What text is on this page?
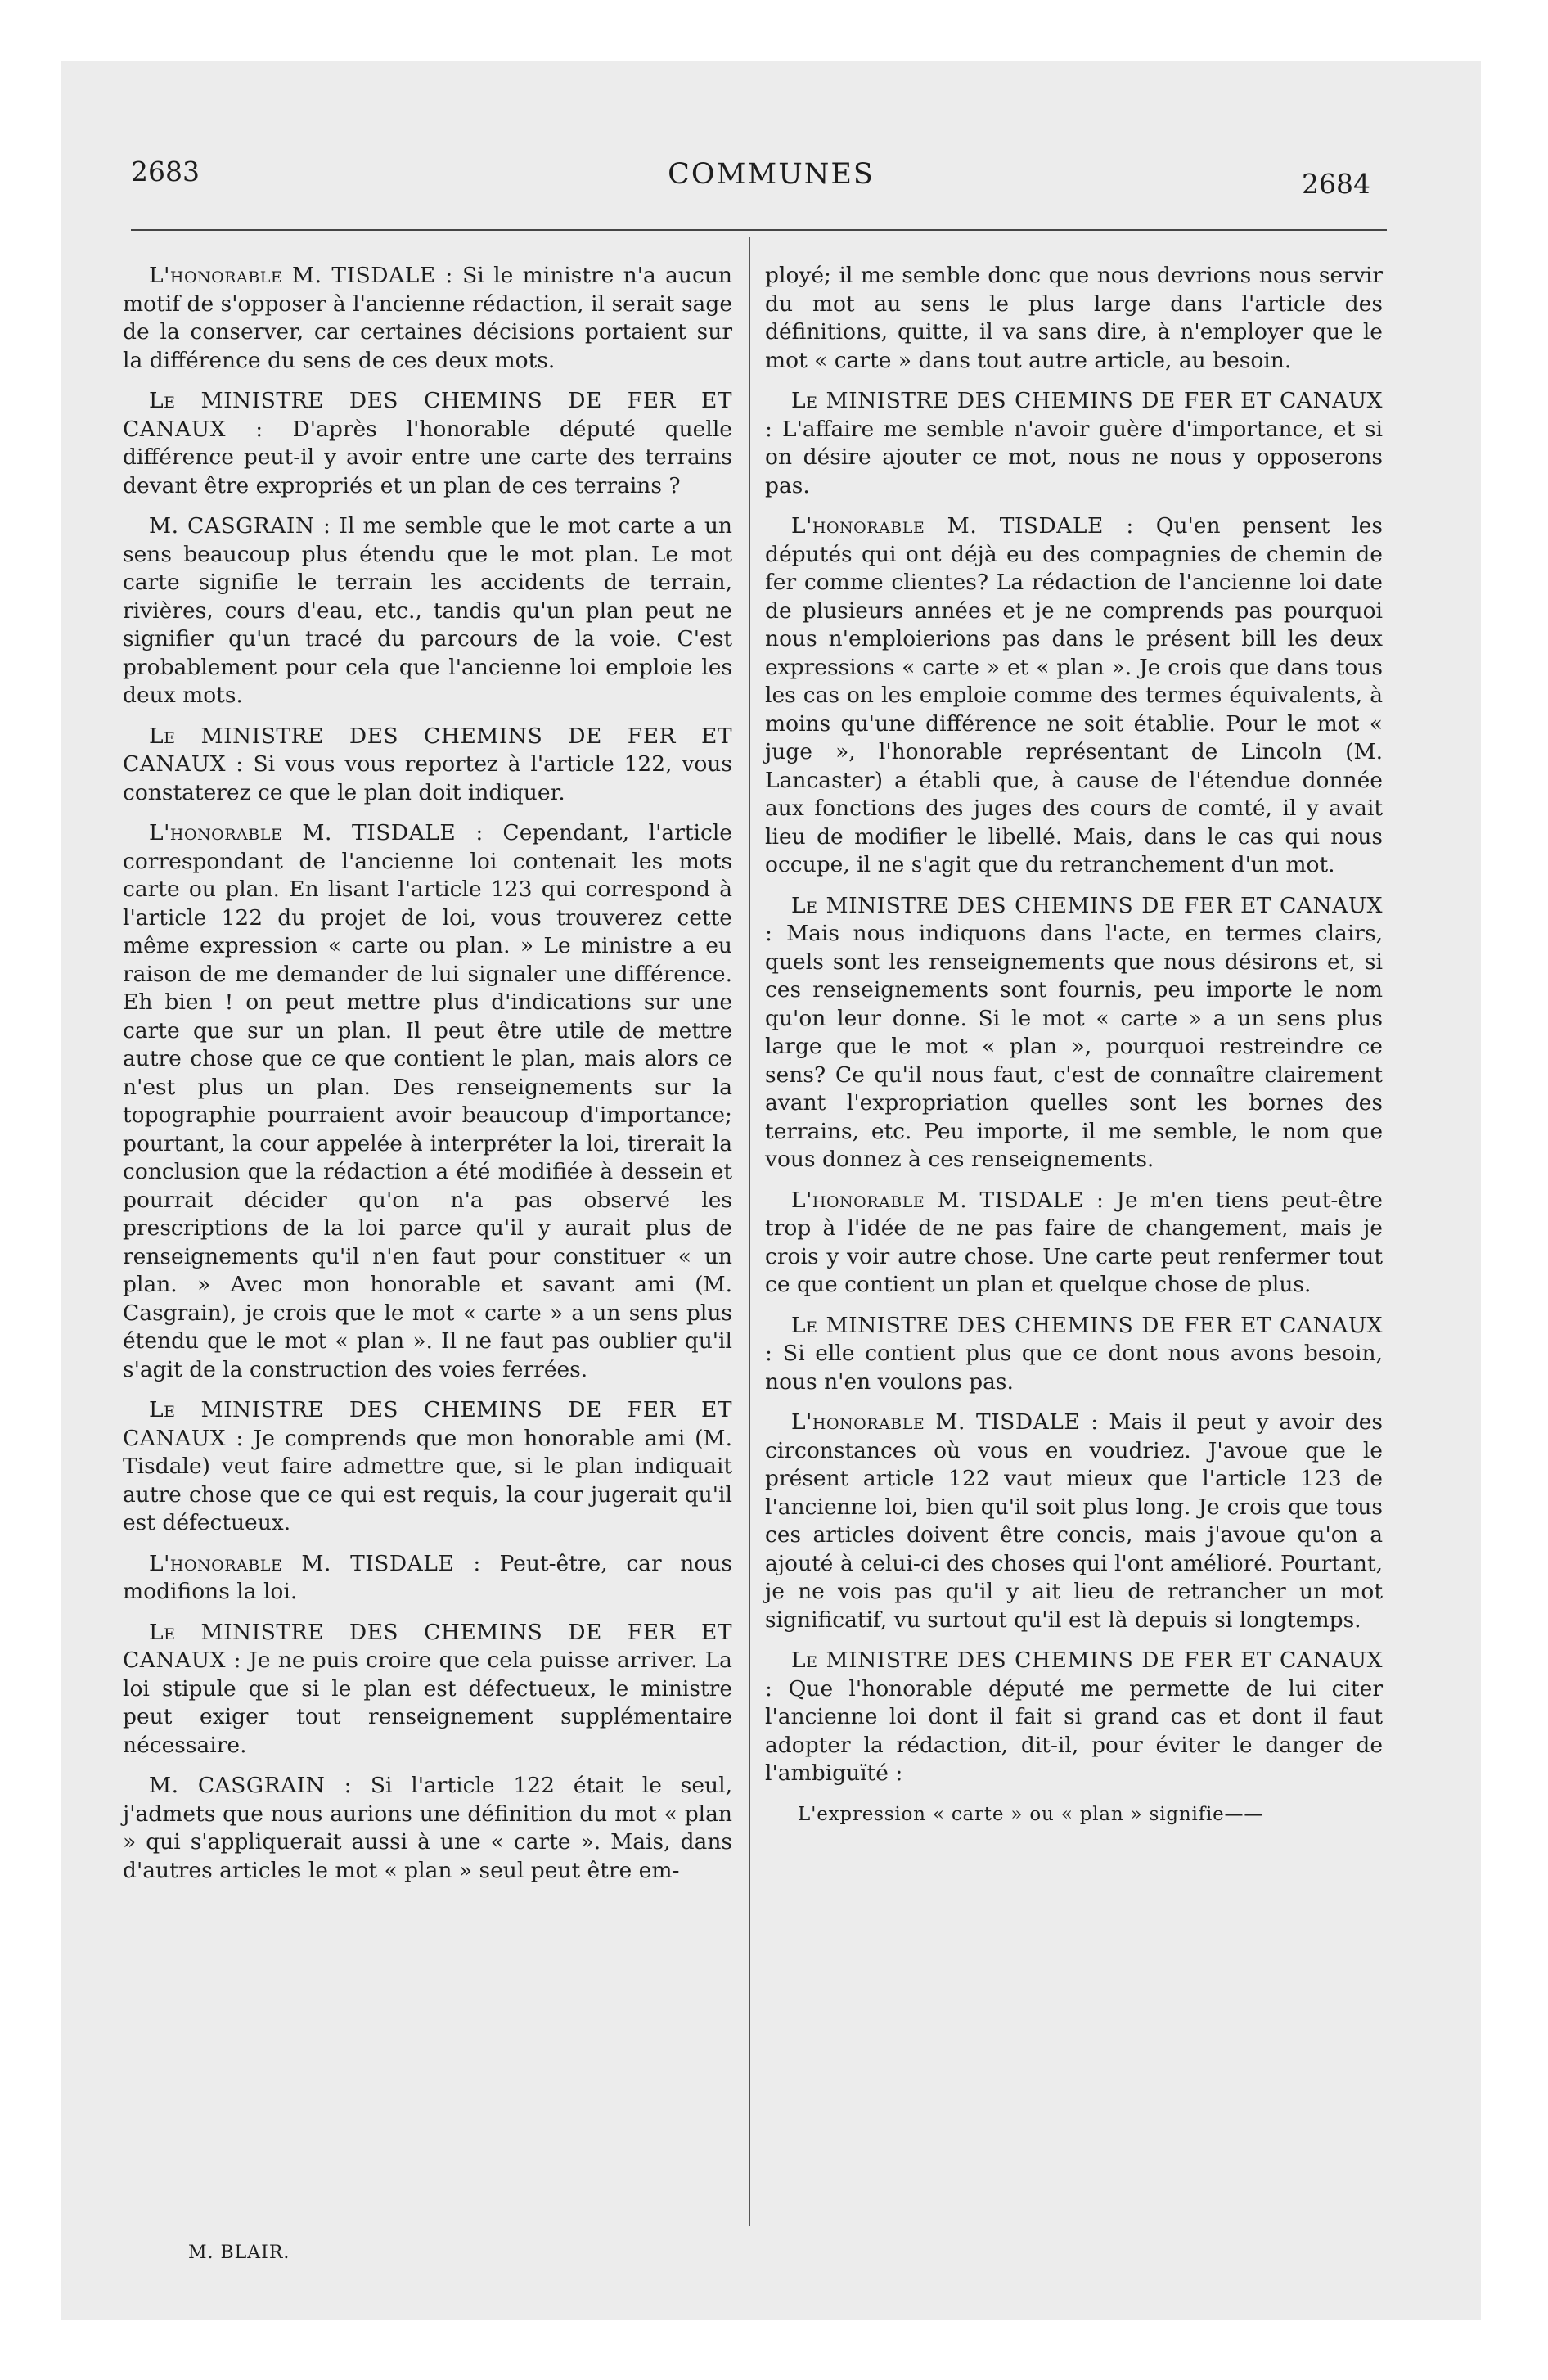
2683	COMMUNES	2684

L'honorable M. TISDALE : Si le ministre n'a aucun motif de s'opposer à l'ancienne rédaction, il serait sage de la conserver, car certaines décisions portaient sur la différence du sens de ces deux mots.

Le MINISTRE DES CHEMINS DE FER ET CANAUX : D'après l'honorable député quelle différence peut-il y avoir entre une carte des terrains devant être expropriés et un plan de ces terrains ?

M. CASGRAIN : Il me semble que le mot carte a un sens beaucoup plus étendu que le mot plan. Le mot carte signifie le terrain les accidents de terrain, rivières, cours d'eau, etc., tandis qu'un plan peut ne signifier qu'un tracé du parcours de la voie. C'est probablement pour cela que l'ancienne loi emploie les deux mots.

Le MINISTRE DES CHEMINS DE FER ET CANAUX : Si vous vous reportez à l'article 122, vous constaterez ce que le plan doit indiquer.

L'honorable M. TISDALE : Cependant, l'article correspondant de l'ancienne loi contenait les mots carte ou plan. En lisant l'article 123 qui correspond à l'article 122 du projet de loi, vous trouverez cette même expression « carte ou plan. » Le ministre a eu raison de me demander de lui signaler une différence. Eh bien ! on peut mettre plus d'indications sur une carte que sur un plan. Il peut être utile de mettre autre chose que ce que contient le plan, mais alors ce n'est plus un plan. Des renseignements sur la topographie pourraient avoir beaucoup d'importance; pourtant, la cour appelée à interpréter la loi, tirerait la conclusion que la rédaction a été modifiée à dessein et pourrait décider qu'on n'a pas observé les prescriptions de la loi parce qu'il y aurait plus de renseignements qu'il n'en faut pour constituer « un plan. » Avec mon honorable et savant ami (M. Casgrain), je crois que le mot « carte » a un sens plus étendu que le mot « plan ». Il ne faut pas oublier qu'il s'agit de la construction des voies ferrées.

Le MINISTRE DES CHEMINS DE FER ET CANAUX : Je comprends que mon honorable ami (M. Tisdale) veut faire admettre que, si le plan indiquait autre chose que ce qui est requis, la cour jugerait qu'il est défectueux.

L'honorable M. TISDALE : Peut-être, car nous modifions la loi.

Le MINISTRE DES CHEMINS DE FER ET CANAUX : Je ne puis croire que cela puisse arriver. La loi stipule que si le plan est défectueux, le ministre peut exiger tout renseignement supplémentaire nécessaire.

M. CASGRAIN : Si l'article 122 était le seul, j'admets que nous aurions une définition du mot « plan » qui s'appliquerait aussi à une « carte ». Mais, dans d'autres articles le mot « plan » seul peut être em-

ployé; il me semble donc que nous devrions nous servir du mot au sens le plus large dans l'article des définitions, quitte, il va sans dire, à n'employer que le mot « carte » dans tout autre article, au besoin.

Le MINISTRE DES CHEMINS DE FER ET CANAUX : L'affaire me semble n'avoir guère d'importance, et si on désire ajouter ce mot, nous ne nous y opposerons pas.

L'honorable M. TISDALE : Qu'en pensent les députés qui ont déjà eu des compagnies de chemin de fer comme clientes? La rédaction de l'ancienne loi date de plusieurs années et je ne comprends pas pourquoi nous n'emploierions pas dans le présent bill les deux expressions « carte » et « plan ». Je crois que dans tous les cas on les emploie comme des termes équivalents, à moins qu'une différence ne soit établie. Pour le mot « juge », l'honorable représentant de Lincoln (M. Lancaster) a établi que, à cause de l'étendue donnée aux fonctions des juges des cours de comté, il y avait lieu de modifier le libellé. Mais, dans le cas qui nous occupe, il ne s'agit que du retranchement d'un mot.

Le MINISTRE DES CHEMINS DE FER ET CANAUX : Mais nous indiquons dans l'acte, en termes clairs, quels sont les renseignements que nous désirons et, si ces renseignements sont fournis, peu importe le nom qu'on leur donne. Si le mot « carte » a un sens plus large que le mot « plan », pourquoi restreindre ce sens? Ce qu'il nous faut, c'est de connaître clairement avant l'expropriation quelles sont les bornes des terrains, etc. Peu importe, il me semble, le nom que vous donnez à ces renseignements.

L'honorable M. TISDALE : Je m'en tiens peut-être trop à l'idée de ne pas faire de changement, mais je crois y voir autre chose. Une carte peut renfermer tout ce que contient un plan et quelque chose de plus.

Le MINISTRE DES CHEMINS DE FER ET CANAUX : Si elle contient plus que ce dont nous avons besoin, nous n'en voulons pas.

L'honorable M. TISDALE : Mais il peut y avoir des circonstances où vous en voudriez. J'avoue que le présent article 122 vaut mieux que l'article 123 de l'ancienne loi, bien qu'il soit plus long. Je crois que tous ces articles doivent être concis, mais j'avoue qu'on a ajouté à celui-ci des choses qui l'ont amélioré. Pourtant, je ne vois pas qu'il y ait lieu de retrancher un mot significatif, vu surtout qu'il est là depuis si longtemps.

Le MINISTRE DES CHEMINS DE FER ET CANAUX : Que l'honorable député me permette de lui citer l'ancienne loi dont il fait si grand cas et dont il faut adopter la rédaction, dit-il, pour éviter le danger de l'ambiguïté :

L'expression « carte » ou « plan » signifie——
M. BLAIR.
